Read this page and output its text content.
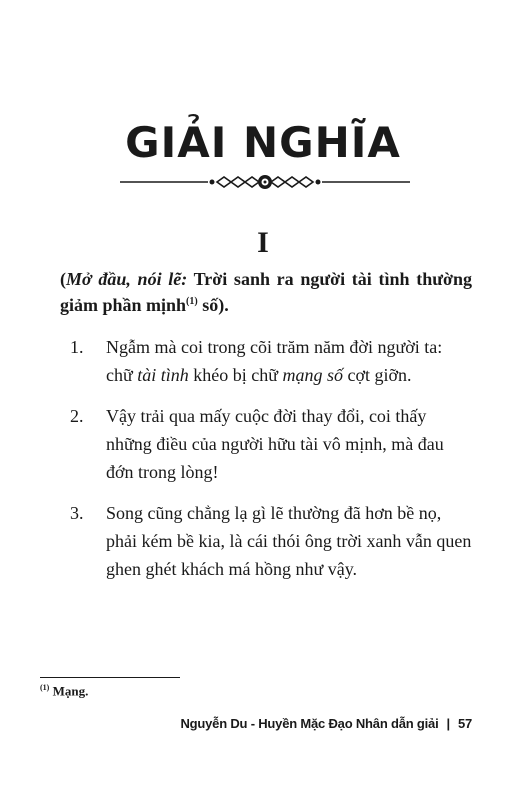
GIẢI NGHĨA
I
(Mở đầu, nói lẽ: Trời sanh ra người tài tình thường giảm phần mịnh$^{(1)}$ số).
1. Ngẫm mà coi trong cõi trăm năm đời người ta: chữ tài tình khéo bị chữ mạng số cợt giỡn.
2. Vậy trải qua mấy cuộc đời thay đổi, coi thấy những điều của người hữu tài vô mịnh, mà đau đớn trong lòng!
3. Song cũng chẳng lạ gì lẽ thường đã hơn bề nọ, phải kém bề kia, là cái thói ông trời xanh vẫn quen ghen ghét khách má hồng như vậy.
$^{(1)}$ Mạng.
Nguyễn Du - Huyền Mặc Đạo Nhân dẫn giải | 57
